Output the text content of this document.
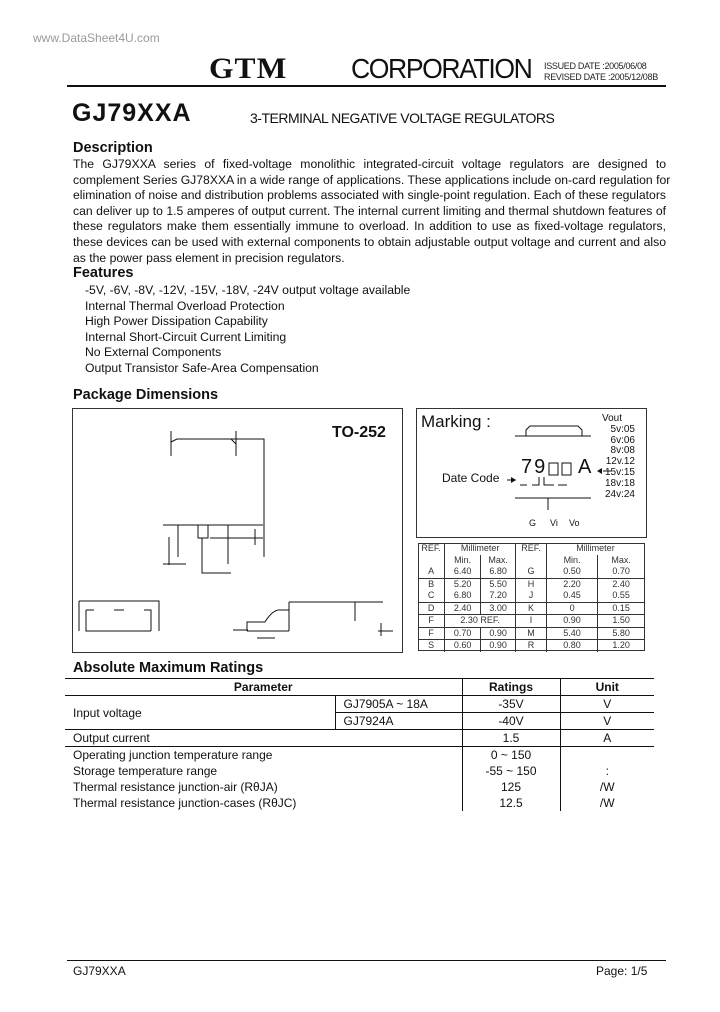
www.DataSheet4U.com
GTM CORPORATION ISSUED DATE :2005/06/08
REVISED DATE :2005/12/08B
GJ79XXA	3-TERMINAL NEGATIVE VOLTAGE REGULATORS
Description
The GJ79XXA series of fixed-voltage monolithic integrated-circuit voltage regulators are designed to
complement Series GJ78XXA in a wide range of applications. These applications include on-card regulation for
elimination of noise and distribution problems associated with single-point regulation. Each of these regulators
can deliver up to 1.5 amperes of output current. The internal current limiting and thermal shutdown features of
these regulators make them essentially immune to overload. In addition to use as fixed-voltage regulators,
these devices can be used with external components to obtain adjustable output voltage and current and also
as the power pass element in precision regulators.
Features
-5V, -6V, -8V, -12V, -15V, -18V, -24V output voltage available
Internal Thermal Overload Protection
High Power Dissipation Capability
Internal Short-Circuit Current Limiting
No External Components
Output Transistor Safe-Area Compensation
Package Dimensions
TO-252
Marking :
79 A
Date Code
Vout
5v:05
6v:06
8v:08
12v.12
15v:15
18v:18
24v:24
G Vi Vo
REF.	Millimeter		REF.	Millimeter	
	Min.	Max.		Min.	Max.
A	6.40	6.80	G	0.50	0.70
B	5.20	5.50	H	2.20	2.40
C	6.80	7.20	J	0.45	0.55
D	2.40	3.00	K	0	0.15
F	2.30 REF.		I	0.90	1.50
F	0.70	0.90	M	5.40	5.80
S	0.60	0.90	R	0.80	1.20
Absolute Maximum Ratings
Parameter		Ratings	Unit
Input voltage	GJ7905A ~ 18A	-35V	V
	GJ7924A	-40V	V
Output current		1.5	A
Operating junction temperature range		0 ~ 150	
Storage temperature range		-55 ~ 150	:
Thermal resistance junction-air (RθJA)		125	/W
Thermal resistance junction-cases (RθJC)		12.5	/W
GJ79XXA	Page: 1/5
